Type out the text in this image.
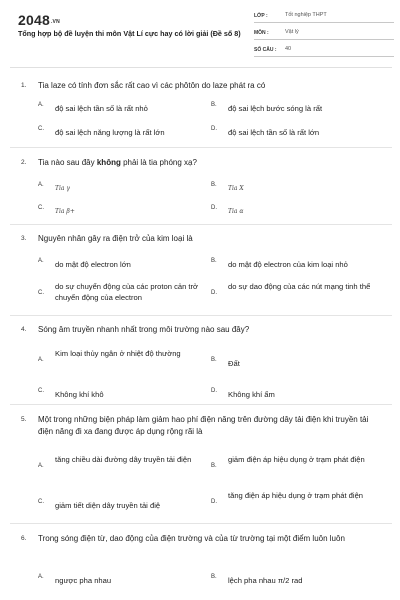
2048.VN
Tổng hợp bộ đề luyện thi môn Vật Lí cực hay có lời giải (Đề số 8)
LỚP :	Tốt nghiệp THPT
MÔN :	Vật lý
SỐ CÂU : 40
1. Tia laze có tính đơn sắc rất cao vì các phôtôn do laze phát ra có
A. độ sai lệch tần số là rất nhỏ	B. độ sai lệch bước sóng là rất
C. độ sai lệch năng lượng là rất lớn	D. độ sai lệch tần số là rất lớn
2. Tia nào sau đây không phải là tia phóng xạ?
A. Tia γ	B. Tia X
C. Tia β+	D. Tia α
3. Nguyên nhân gây ra điện trở của kim loại là
A. do mật độ electron lớn	B. do mật độ electron của kim loại nhỏ
C.
do sự chuyển động của các proton cản trở chuyển động của electron
D.
do sự dao động của các nút mạng tinh thể
4. Sóng âm truyền nhanh nhất trong môi trường nào sau đây?
A.
Kim loại thủy ngân ở nhiệt độ thường
B. Đất
C. Không khí khô	D. Không khí ẩm
5. Một trong những biện pháp làm giảm hao phí điện năng trên đường dây tải điện khi truyền tải điện năng đi xa đang được áp dụng rộng rãi là
A.
tăng chiều dài đường dây truyền tải điện
B.
giảm điện áp hiệu dụng ở trạm phát điện
C. giảm tiết diện dây truyền tải điệ	D.
tăng điện áp hiệu dụng ở trạm phát điện
6. Trong sóng điện từ, dao động của điện trường và của từ trường tại một điểm luôn luôn
A. ngược pha nhau	B. lệch pha nhau π/2 rad
